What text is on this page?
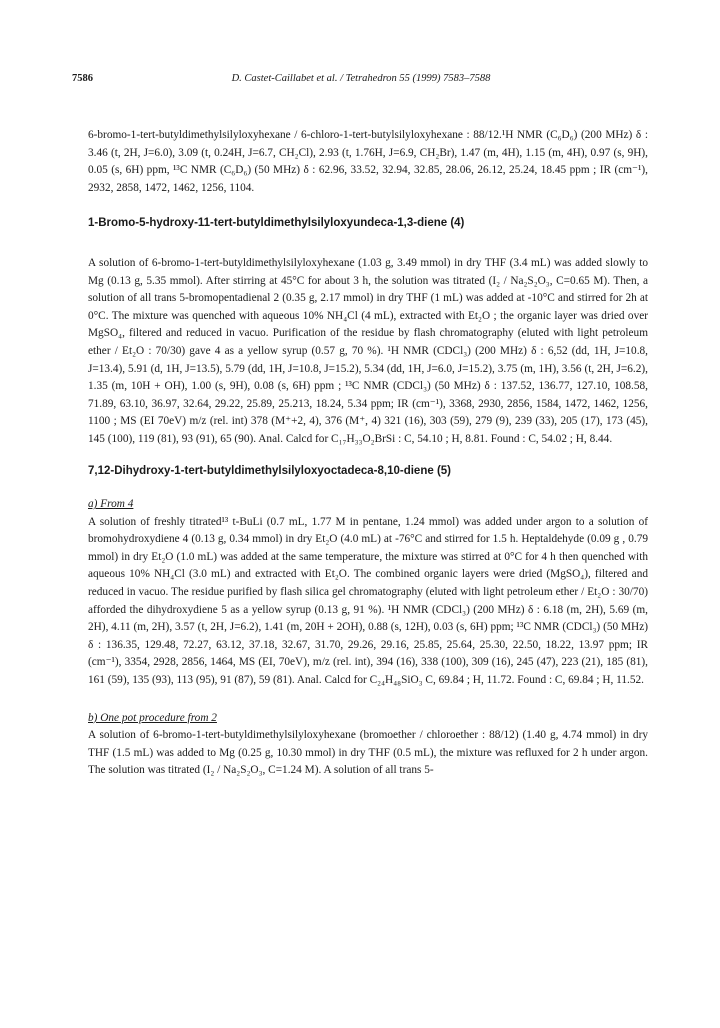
7586	D. Castet-Caillabet et al. / Tetrahedron 55 (1999) 7583–7588

6-bromo-1-tert-butyldimethylsilyloxyhexane / 6-chloro-1-tert-butylsilyloxyhexane : 88/12.¹H NMR (C₆D₆) (200 MHz) δ : 3.46 (t, 2H, J=6.0), 3.09 (t, 0.24H, J=6.7, CH₂Cl), 2.93 (t, 1.76H, J=6.9, CH₂Br), 1.47 (m, 4H), 1.15 (m, 4H), 0.97 (s, 9H), 0.05 (s, 6H) ppm, ¹³C NMR (C₆D₆) (50 MHz) δ : 62.96, 33.52, 32.94, 32.85, 28.06, 26.12, 25.24, 18.45 ppm ; IR (cm⁻¹), 2932, 2858, 1472, 1462, 1256, 1104.

1-Bromo-5-hydroxy-11-tert-butyldimethylsilyloxyundeca-1,3-diene (4)

A solution of 6-bromo-1-tert-butyldimethylsilyloxyhexane (1.03 g, 3.49 mmol) in dry THF (3.4 mL) was added slowly to Mg (0.13 g, 5.35 mmol). After stirring at 45°C for about 3 h, the solution was titrated (I₂ / Na₂S₂O₃, C=0.65 M). Then, a solution of all trans 5-bromopentadienal 2 (0.35 g, 2.17 mmol) in dry THF (1 mL) was added at -10°C and stirred for 2h at 0°C. The mixture was quenched with aqueous 10% NH₄Cl (4 mL), extracted with Et₂O ; the organic layer was dried over MgSO₄, filtered and reduced in vacuo. Purification of the residue by flash chromatography (eluted with light petroleum ether / Et₂O : 70/30) gave 4 as a yellow syrup (0.57 g, 70 %). ¹H NMR (CDCl₃) (200 MHz) δ : 6,52 (dd, 1H, J=10.8, J=13.4), 5.91 (d, 1H, J=13.5), 5.79 (dd, 1H, J=10.8, J=15.2), 5.34 (dd, 1H, J=6.0, J=15.2), 3.75 (m, 1H), 3.56 (t, 2H, J=6.2), 1.35 (m, 10H + OH), 1.00 (s, 9H), 0.08 (s, 6H) ppm ; ¹³C NMR (CDCl₃) (50 MHz) δ : 137.52, 136.77, 127.10, 108.58, 71.89, 63.10, 36.97, 32.64, 29.22, 25.89, 25.213, 18.24, 5.34 ppm; IR (cm⁻¹), 3368, 2930, 2856, 1584, 1472, 1462, 1256, 1100 ; MS (EI 70eV) m/z (rel. int) 378 (M⁺+2, 4), 376 (M⁺, 4) 321 (16), 303 (59), 279 (9), 239 (33), 205 (17), 173 (45), 145 (100), 119 (81), 93 (91), 65 (90). Anal. Calcd for C₁₇H₃₃O₂BrSi : C, 54.10 ; H, 8.81. Found : C, 54.02 ; H, 8.44.

7,12-Dihydroxy-1-tert-butyldimethylsilyloxyoctadeca-8,10-diene (5)

a) From 4

A solution of freshly titrated¹³ t-BuLi (0.7 mL, 1.77 M in pentane, 1.24 mmol) was added under argon to a solution of bromohydroxydiene 4 (0.13 g, 0.34 mmol) in dry Et₂O (4.0 mL) at -76°C and stirred for 1.5 h. Heptaldehyde (0.09 g , 0.79 mmol) in dry Et₂O (1.0 mL) was added at the same temperature, the mixture was stirred at 0°C for 4 h then quenched with aqueous 10% NH₄Cl (3.0 mL) and extracted with Et₂O. The combined organic layers were dried (MgSO₄), filtered and reduced in vacuo. The residue purified by flash silica gel chromatography (eluted with light petroleum ether / Et₂O : 30/70) afforded the dihydroxydiene 5 as a yellow syrup (0.13 g, 91 %). ¹H NMR (CDCl₃) (200 MHz) δ : 6.18 (m, 2H), 5.69 (m, 2H), 4.11 (m, 2H), 3.57 (t, 2H, J=6.2), 1.41 (m, 20H + 2OH), 0.88 (s, 12H), 0.03 (s, 6H) ppm; ¹³C NMR (CDCl₃) (50 MHz) δ : 136.35, 129.48, 72.27, 63.12, 37.18, 32.67, 31.70, 29.26, 29.16, 25.85, 25.64, 25.30, 22.50, 18.22, 13.97 ppm; IR (cm⁻¹), 3354, 2928, 2856, 1464, MS (EI, 70eV), m/z (rel. int), 394 (16), 338 (100), 309 (16), 245 (47), 223 (21), 185 (81), 161 (59), 135 (93), 113 (95), 91 (87), 59 (81). Anal. Calcd for C₂₄H₄₈SiO₃ C, 69.84 ; H, 11.72. Found : C, 69.84 ; H, 11.52.

b) One pot procedure from 2

A solution of 6-bromo-1-tert-butyldimethylsilyloxyhexane (bromoether / chloroether : 88/12) (1.40 g, 4.74 mmol) in dry THF (1.5 mL) was added to Mg (0.25 g, 10.30 mmol) in dry THF (0.5 mL), the mixture was refluxed for 2 h under argon. The solution was titrated (I₂ / Na₂S₂O₃, C=1.24 M). A solution of all trans 5-
